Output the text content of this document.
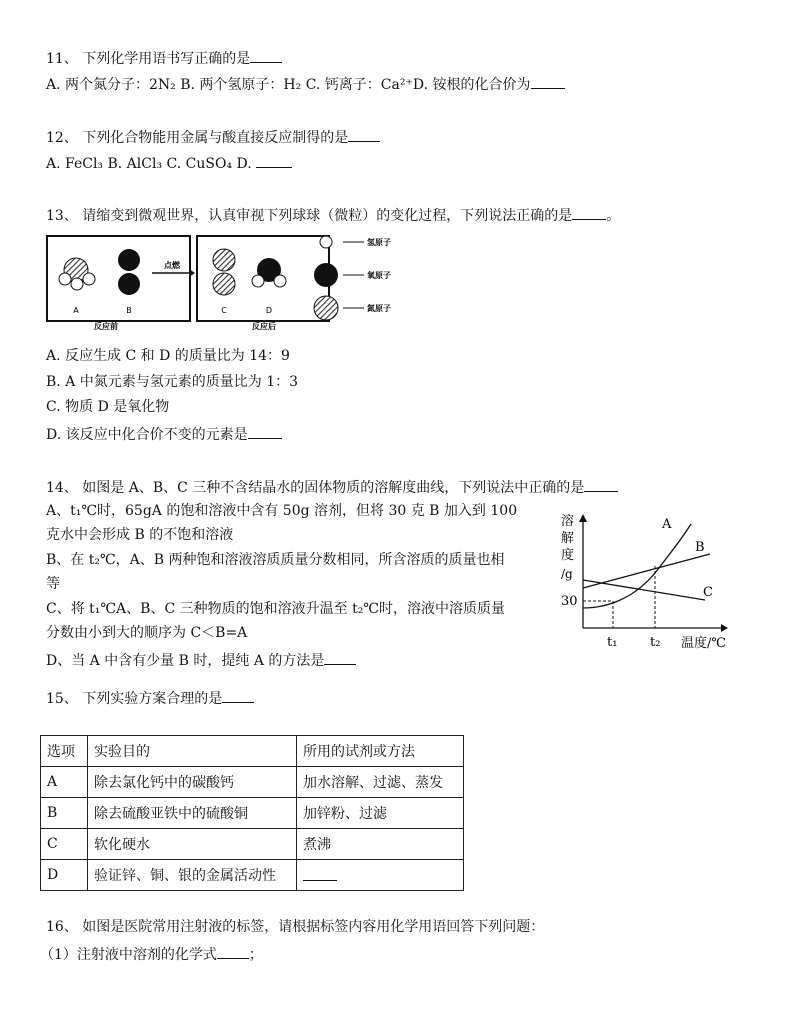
11、 下列化学用语书写正确的是
A. 两个氮分子：2N₂ B. 两个氢原子：H₂ C. 钙离子：Ca²⁺D. 铵根的化合价为
12、 下列化合物能用金属与酸直接反应制得的是
A. FeCl₃ B. AlCl₃ C. CuSO₄ D.
13、 请缩变到微观世界，认真审视下列球球（微粒）的变化过程，下列说法正确的是 。
A	B
反应前
点燃
C	D
反应后
氢原子
氧原子
氮原子
A. 反应生成 C 和 D 的质量比为 14：9
B. A 中氮元素与氢元素的质量比为 1：3
C. 物质 D 是氧化物
D. 该反应中化合价不变的元素是
14、 如图是 A、B、C 三种不含结晶水的固体物质的溶解度曲线，下列说法中正确的是
A、t₁℃时，65gA 的饱和溶液中含有 50g 溶剂，但将 30 克 B 加入到 100
克水中会形成 B 的不饱和溶液
B、在 t₂℃，A、B 两种饱和溶液溶质质量分数相同，所含溶质的质量也相
等
C、将 t₁℃A、B、C 三种物质的饱和溶液升温至 t₂℃时，溶液中溶质质量
分数由小到大的顺序为 C＜B=A
D、当 A 中含有少量 B 时，提纯 A 的方法是
溶
解
度
/g
30
t₁	t₂ 温度/℃
A
B
C
15、 下列实验方案合理的是
选项	实验目的	所用的试剂或方法
A	除去氯化钙中的碳酸钙	加水溶解、过滤、蒸发
B	除去硫酸亚铁中的硫酸铜	加锌粉、过滤
C	软化硬水	煮沸
D	验证锌、铜、银的金属活动性	
16、 如图是医院常用注射液的标签，请根据标签内容用化学用语回答下列问题：
（1）注射液中溶剂的化学式 ；
